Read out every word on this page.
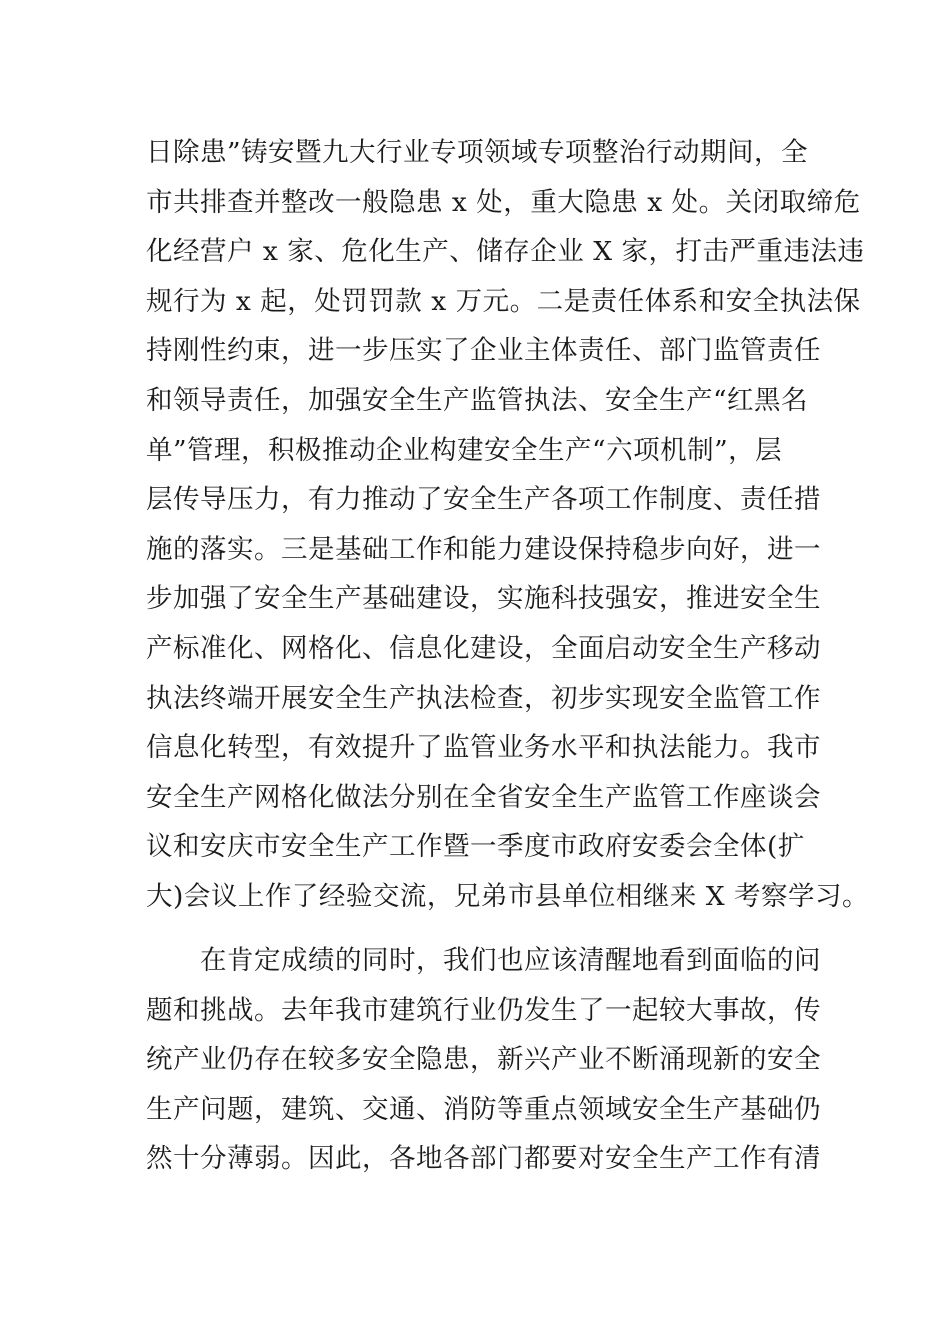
日除患”铸安暨九大行业专项领域专项整治行动期间，全
市共排查并整改一般隐患 x 处，重大隐患 x 处。关闭取缔危
化经营户 x 家、危化生产、储存企业 X 家，打击严重违法违
规行为 x 起，处罚罚款 x 万元。二是责任体系和安全执法保
持刚性约束，进一步压实了企业主体责任、部门监管责任
和领导责任，加强安全生产监管执法、安全生产“红黑名
单”管理，积极推动企业构建安全生产“六项机制”，层
层传导压力，有力推动了安全生产各项工作制度、责任措
施的落实。三是基础工作和能力建设保持稳步向好，进一
步加强了安全生产基础建设，实施科技强安，推进安全生
产标准化、网格化、信息化建设，全面启动安全生产移动
执法终端开展安全生产执法检查，初步实现安全监管工作
信息化转型，有效提升了监管业务水平和执法能力。我市
安全生产网格化做法分别在全省安全生产监管工作座谈会
议和安庆市安全生产工作暨一季度市政府安委会全体(扩
大)会议上作了经验交流，兄弟市县单位相继来 X 考察学习。
　　在肯定成绩的同时，我们也应该清醒地看到面临的问
题和挑战。去年我市建筑行业仍发生了一起较大事故，传
统产业仍存在较多安全隐患，新兴产业不断涌现新的安全
生产问题，建筑、交通、消防等重点领域安全生产基础仍
然十分薄弱。因此，各地各部门都要对安全生产工作有清
